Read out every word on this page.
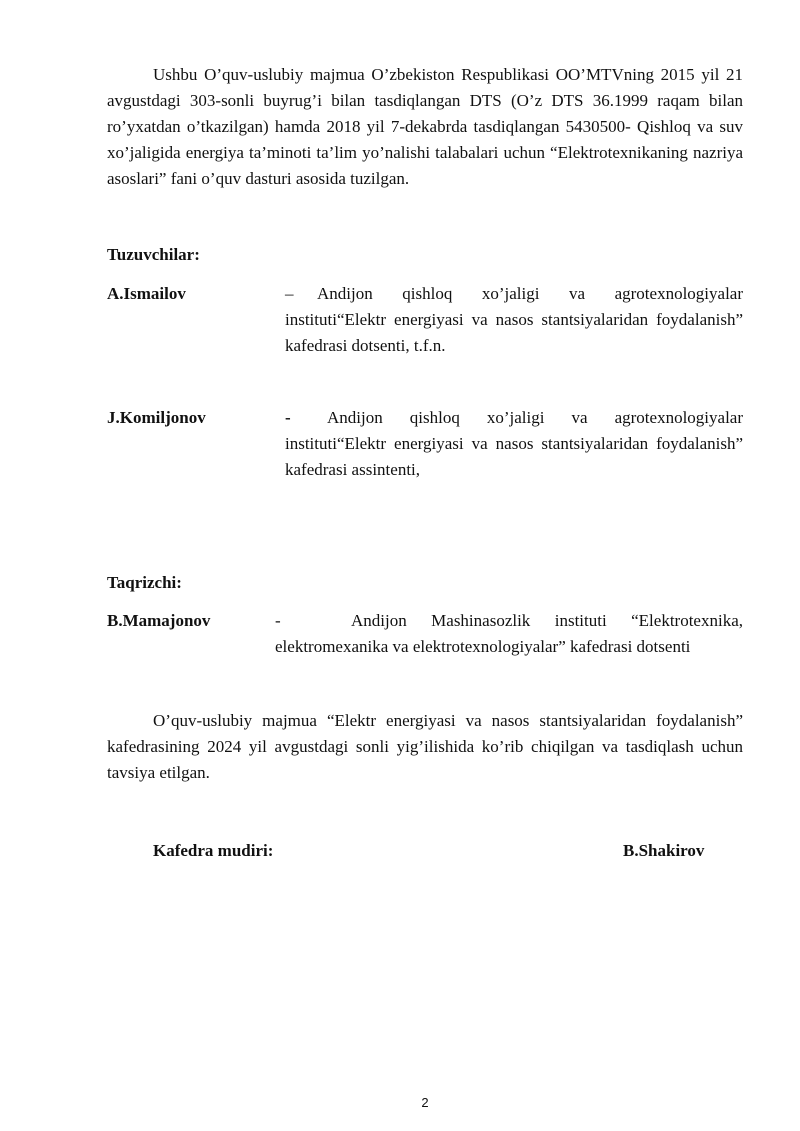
Ushbu O’quv-uslubiy majmua O’zbekiston Respublikasi OO’MTVning 2015 yil 21 avgustdagi 303-sonli buyrug’i bilan tasdiqlangan DTS (O’z DTS 36.1999 raqam bilan ro’yxatdan o’tkazilgan) hamda 2018 yil 7-dekabrda tasdiqlangan 5430500- Qishloq va suv xo’jaligida energiya ta’minoti ta’lim yo’nalishi talabalari uchun “Elektrotexnikaning nazriya asoslari” fani o’quv dasturi asosida tuzilgan.

Tuzuvchilar:

A.Ismailov	– Andijon qishloq xo’jaligi va agrotexnologiyalar instituti“Elektr energiyasi va nasos stantsiyalaridan foydalanish” kafedrasi dotsenti, t.f.n.

J.Komiljonov	- Andijon qishloq xo’jaligi va agrotexnologiyalar instituti“Elektr energiyasi va nasos stantsiyalaridan foydalanish” kafedrasi assintenti,

Taqrizchi:

B.Mamajonov	-	Andijon Mashinasozlik instituti “Elektrotexnika, elektromexanika va elektrotexnologiyalar” kafedrasi dotsenti

O’quv-uslubiy majmua “Elektr energiyasi va nasos stantsiyalaridan foydalanish” kafedrasining 2024 yil avgustdagi sonli yig’ilishida ko’rib chiqilgan va tasdiqlash uchun tavsiya etilgan.

Kafedra mudiri:	B.Shakirov
2
